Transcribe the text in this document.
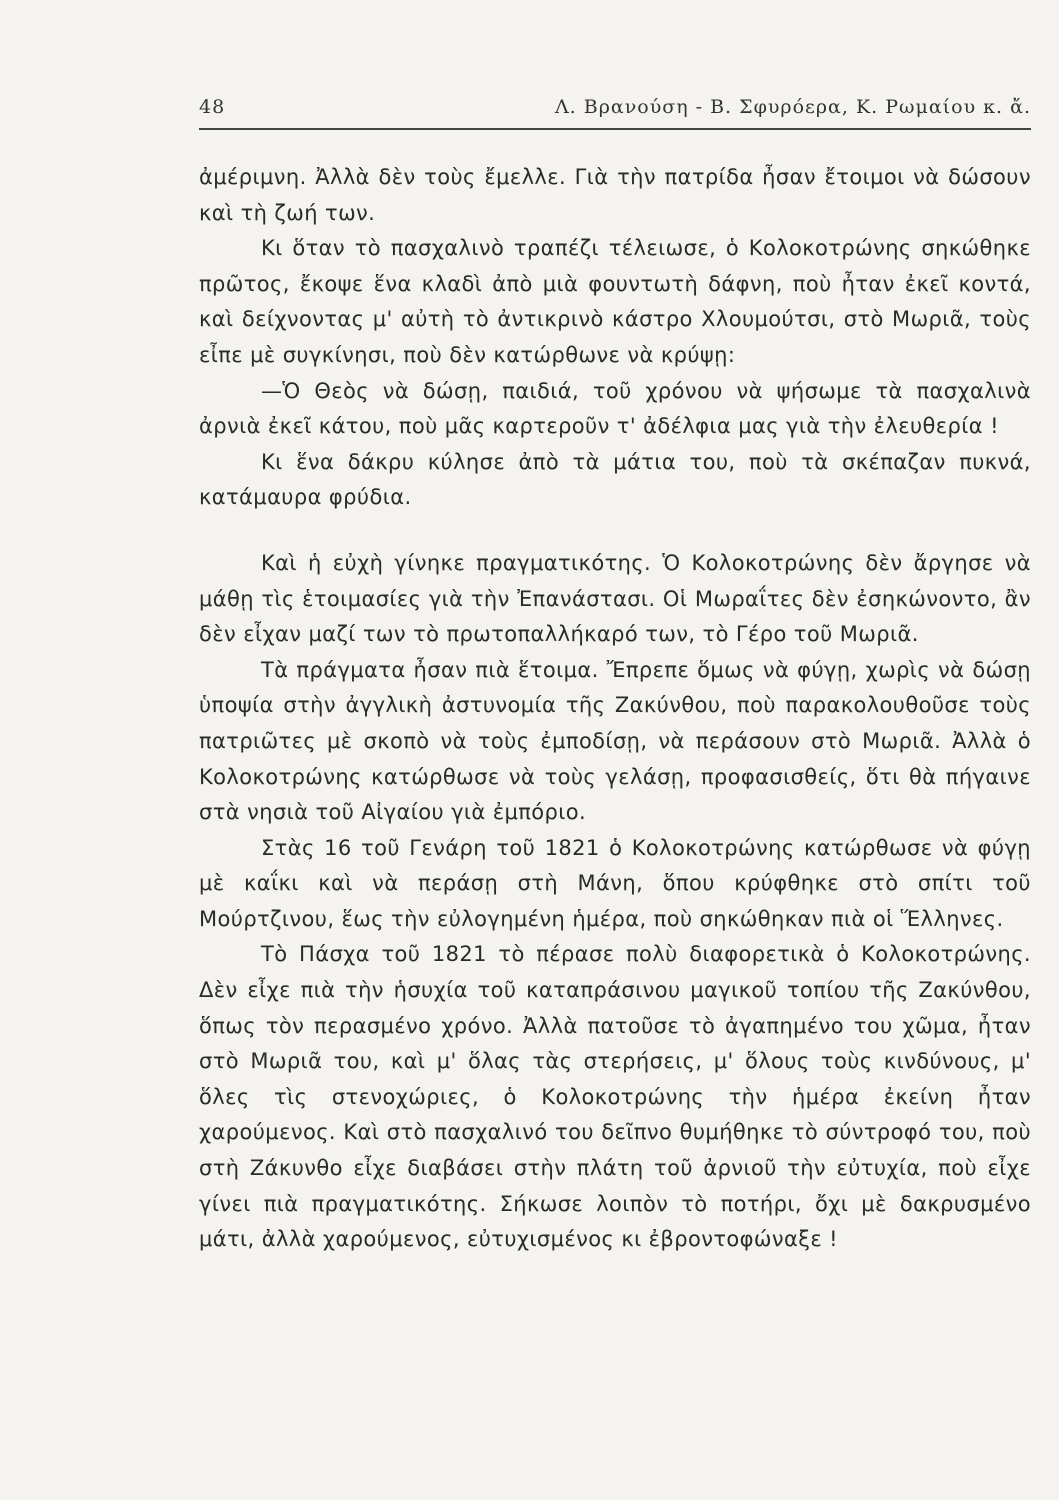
48	Λ. Βρανούση - Β. Σφυρόερα, Κ. Ρωμαίου κ. ἄ.

ἀμέριμνη. Ἀλλὰ δὲν τοὺς ἔμελλε. Γιὰ τὴν πατρίδα ἦσαν ἔτοιμοι νὰ δώσουν καὶ τὴ ζωή των.

Κι ὅταν τὸ πασχαλινὸ τραπέζι τέλειωσε, ὁ Κολοκοτρώνης σηκώθηκε πρῶτος, ἔκοψε ἕνα κλαδὶ ἀπὸ μιὰ φουντωτὴ δάφνη, ποὺ ἦταν ἐκεῖ κοντά, καὶ δείχνοντας μ' αὐτὴ τὸ ἀντικρινὸ κάστρο Χλουμούτσι, στὸ Μωριᾶ, τοὺς εἶπε μὲ συγκίνησι, ποὺ δὲν κατώρθωνε νὰ κρύψῃ:

—Ὁ Θεὸς νὰ δώσῃ, παιδιά, τοῦ χρόνου νὰ ψήσωμε τὰ πασχαλινὰ ἀρνιὰ ἐκεῖ κάτου, ποὺ μᾶς καρτεροῦν τ' ἀδέλφια μας γιὰ τὴν ἐλευθερία !

Κι ἕνα δάκρυ κύλησε ἀπὸ τὰ μάτια του, ποὺ τὰ σκέπαζαν πυκνά, κατάμαυρα φρύδια.

Καὶ ἡ εὐχὴ γίνηκε πραγματικότης. Ὁ Κολοκοτρώνης δὲν ἄργησε νὰ μάθῃ τὶς ἑτοιμασίες γιὰ τὴν Ἐπανάστασι. Οἱ Μωραΐτες δὲν ἐσηκώνοντο, ἂν δὲν εἶχαν μαζί των τὸ πρωτοπαλλήκαρό των, τὸ Γέρο τοῦ Μωριᾶ.

Τὰ πράγματα ἦσαν πιὰ ἕτοιμα. Ἔπρεπε ὅμως νὰ φύγῃ, χωρὶς νὰ δώσῃ ὑποψία στὴν ἀγγλικὴ ἀστυνομία τῆς Ζακύνθου, ποὺ παρακολουθοῦσε τοὺς πατριῶτες μὲ σκοπὸ νὰ τοὺς ἐμποδίσῃ, νὰ περάσουν στὸ Μωριᾶ. Ἀλλὰ ὁ Κολοκοτρώνης κατώρθωσε νὰ τοὺς γελάσῃ, προφασισθείς, ὅτι θὰ πήγαινε στὰ νησιὰ τοῦ Αἰγαίου γιὰ ἐμπόριο.

Στὰς 16 τοῦ Γενάρη τοῦ 1821 ὁ Κολοκοτρώνης κατώρθωσε νὰ φύγῃ μὲ καΐκι καὶ νὰ περάσῃ στὴ Μάνη, ὅπου κρύφθηκε στὸ σπίτι τοῦ Μούρτζινου, ἕως τὴν εὐλογημένη ἡμέρα, ποὺ σηκώθηκαν πιὰ οἱ Ἕλληνες.

Τὸ Πάσχα τοῦ 1821 τὸ πέρασε πολὺ διαφορετικὰ ὁ Κολοκοτρώνης. Δὲν εἶχε πιὰ τὴν ἡσυχία τοῦ καταπράσινου μαγικοῦ τοπίου τῆς Ζακύνθου, ὅπως τὸν περασμένο χρόνο. Ἀλλὰ πατοῦσε τὸ ἀγαπημένο του χῶμα, ἦταν στὸ Μωριᾶ του, καὶ μ' ὅλας τὰς στερήσεις, μ' ὅλους τοὺς κινδύνους, μ' ὅλες τὶς στενοχώριες, ὁ Κολοκοτρώνης τὴν ἡμέρα ἐκείνη ἦταν χαρούμενος. Καὶ στὸ πασχαλινό του δεῖπνο θυμήθηκε τὸ σύντροφό του, ποὺ στὴ Ζάκυνθο εἶχε διαβάσει στὴν πλάτη τοῦ ἀρνιοῦ τὴν εὐτυχία, ποὺ εἶχε γίνει πιὰ πραγματικότης. Σήκωσε λοιπὸν τὸ ποτήρι, ὄχι μὲ δακρυσμένο μάτι, ἀλλὰ χαρούμενος, εὐτυχισμένος κι ἐβροντοφώναξε !
